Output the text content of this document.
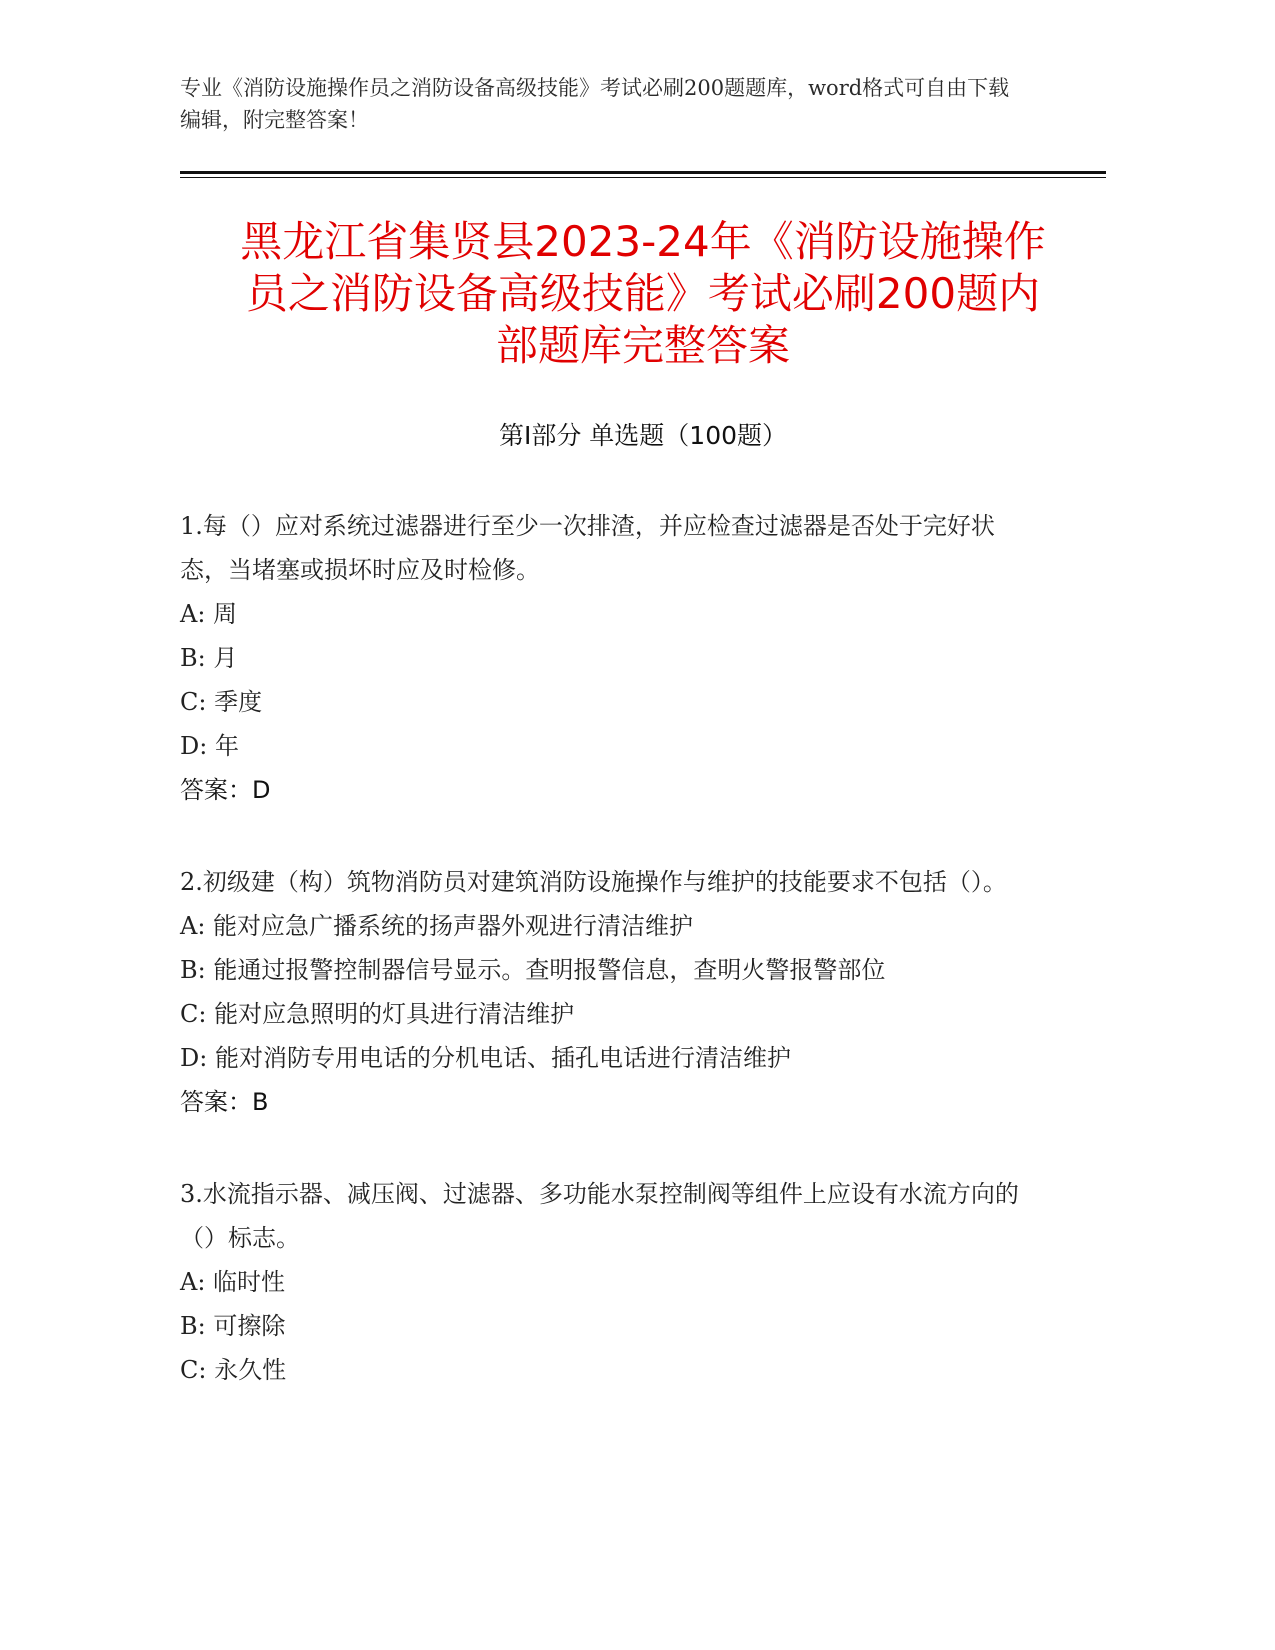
专业《消防设施操作员之消防设备高级技能》考试必刷200题题库，word格式可自由下载编辑，附完整答案！
黑龙江省集贤县2023-24年《消防设施操作
员之消防设备高级技能》考试必刷200题内
部题库完整答案
第I部分 单选题（100题）

1.每（）应对系统过滤器进行至少一次排渣，并应检查过滤器是否处于完好状态，当堵塞或损坏时应及时检修。

A: 周

B: 月

C: 季度

D: 年

答案：D

2.初级建（构）筑物消防员对建筑消防设施操作与维护的技能要求不包括（）。

A: 能对应急广播系统的扬声器外观进行清洁维护

B: 能通过报警控制器信号显示。查明报警信息，查明火警报警部位

C: 能对应急照明的灯具进行清洁维护

D: 能对消防专用电话的分机电话、插孔电话进行清洁维护

答案：B

3.水流指示器、减压阀、过滤器、多功能水泵控制阀等组件上应设有水流方向的（）标志。

A: 临时性

B: 可擦除

C: 永久性
